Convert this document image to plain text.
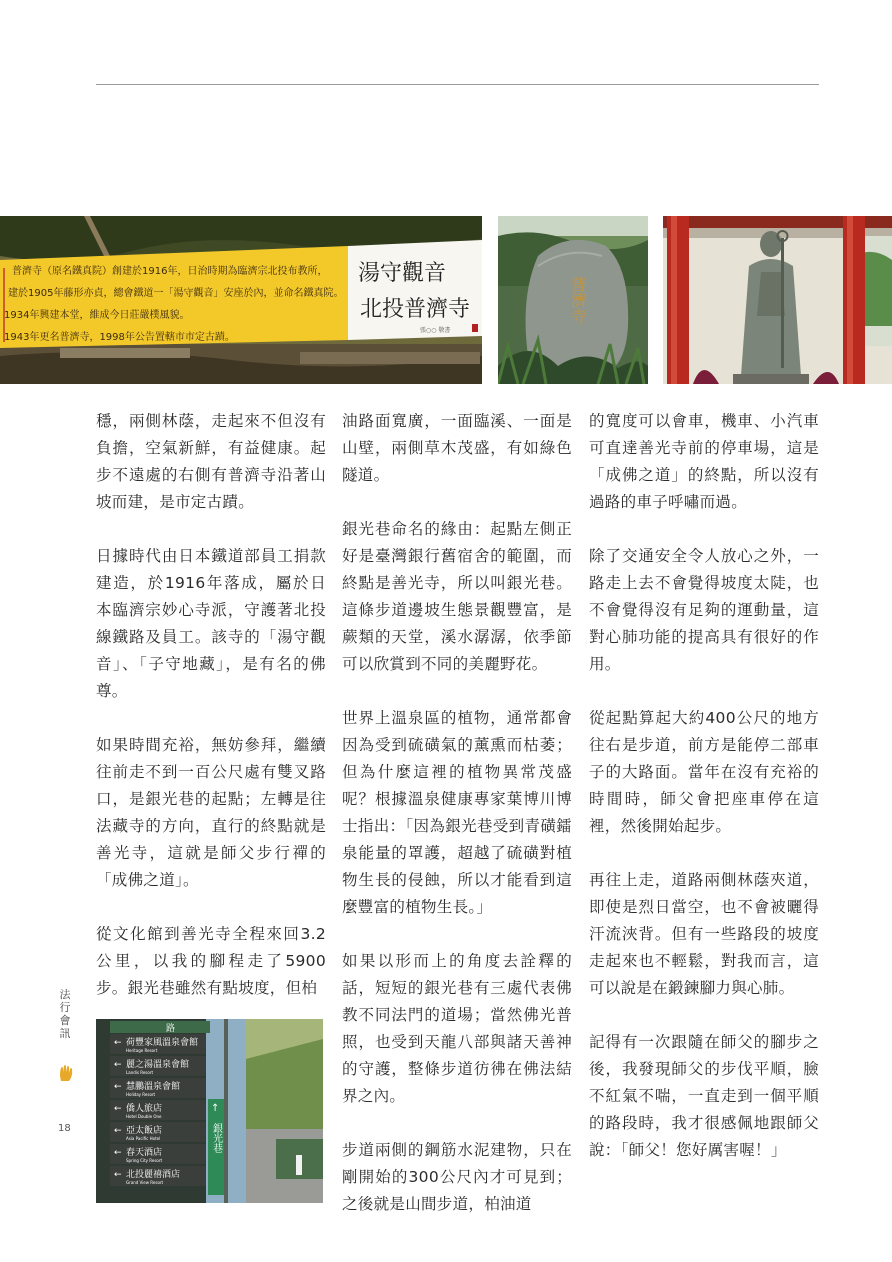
普濟寺（原名鐵真院）創建於1916年，日治時期為臨濟宗北投布教所，
建於1905年藤形亦貞，總會鐵道一「湯守觀音」安座於內，並命名鐵真院。
1934年興建本堂，維成今日莊嚴樸風貌。
1943年更名普濟寺，1998年公告置轄市市定古蹟。
湯守觀音
北投普濟寺
張○○ 敬書
普濟寺

穩，兩側林蔭，走起來不但沒有負擔，空氣新鮮，有益健康。起步不遠處的右側有普濟寺沿著山坡而建，是市定古蹟。

日據時代由日本鐵道部員工捐款建造，於1916年落成，屬於日本臨濟宗妙心寺派，守護著北投線鐵路及員工。該寺的「湯守觀音」、「子守地藏」，是有名的佛尊。

如果時間充裕，無妨參拜，繼續往前走不到一百公尺處有雙叉路口，是銀光巷的起點；左轉是往法藏寺的方向，直行的終點就是善光寺，這就是師父步行禪的「成佛之道」。

從文化館到善光寺全程來回3.2公里，以我的腳程走了5900步。銀光巷雖然有點坡度，但柏

油路面寬廣，一面臨溪、一面是山壁，兩側草木茂盛，有如綠色隧道。

銀光巷命名的緣由：起點左側正好是臺灣銀行舊宿舍的範圍，而終點是善光寺，所以叫銀光巷。這條步道邊坡生態景觀豐富，是蕨類的天堂，溪水潺潺，依季節可以欣賞到不同的美麗野花。

世界上溫泉區的植物，通常都會因為受到硫磺氣的薰熏而枯萎；但為什麼這裡的植物異常茂盛呢？根據溫泉健康專家葉博川博士指出：「因為銀光巷受到青磺鐳泉能量的罩護，超越了硫磺對植物生長的侵蝕，所以才能看到這麼豐富的植物生長。」

如果以形而上的角度去詮釋的話，短短的銀光巷有三處代表佛教不同法門的道場；當然佛光普照，也受到天龍八部與諸天善神的守護，整條步道彷彿在佛法結界之內。

步道兩側的鋼筋水泥建物，只在剛開始的300公尺內才可見到；之後就是山間步道，柏油道

的寬度可以會車，機車、小汽車可直達善光寺前的停車場，這是「成佛之道」的終點，所以沒有過路的車子呼嘯而過。

除了交通安全令人放心之外，一路走上去不會覺得坡度太陡，也不會覺得沒有足夠的運動量，這對心肺功能的提高具有很好的作用。

從起點算起大約400公尺的地方往右是步道，前方是能停二部車子的大路面。當年在沒有充裕的時間時，師父會把座車停在這裡，然後開始起步。

再往上走，道路兩側林蔭夾道，即使是烈日當空，也不會被曬得汗流浹背。但有一些路段的坡度走起來也不輕鬆，對我而言，這可以說是在鍛鍊腳力與心肺。

記得有一次跟隨在師父的腳步之後，我發現師父的步伐平順，臉不紅氣不喘，一直走到一個平順的路段時，我才很感佩地跟師父說：「師父！您好厲害喔！」

路
← 荷豐家風溫泉會館
Heritage Resort
← 麗之湯溫泉會館
Landis Resort
← 慧鵬溫泉會館
Holiday Resort
← 僑人旅店
Hotel Double One
← 亞太飯店
Asia Pacific Hotel
← 春天酒店
Spring City Resort
← 北投麗禧酒店
Grand View Resort
↑
銀光巷
法行會訊
18
